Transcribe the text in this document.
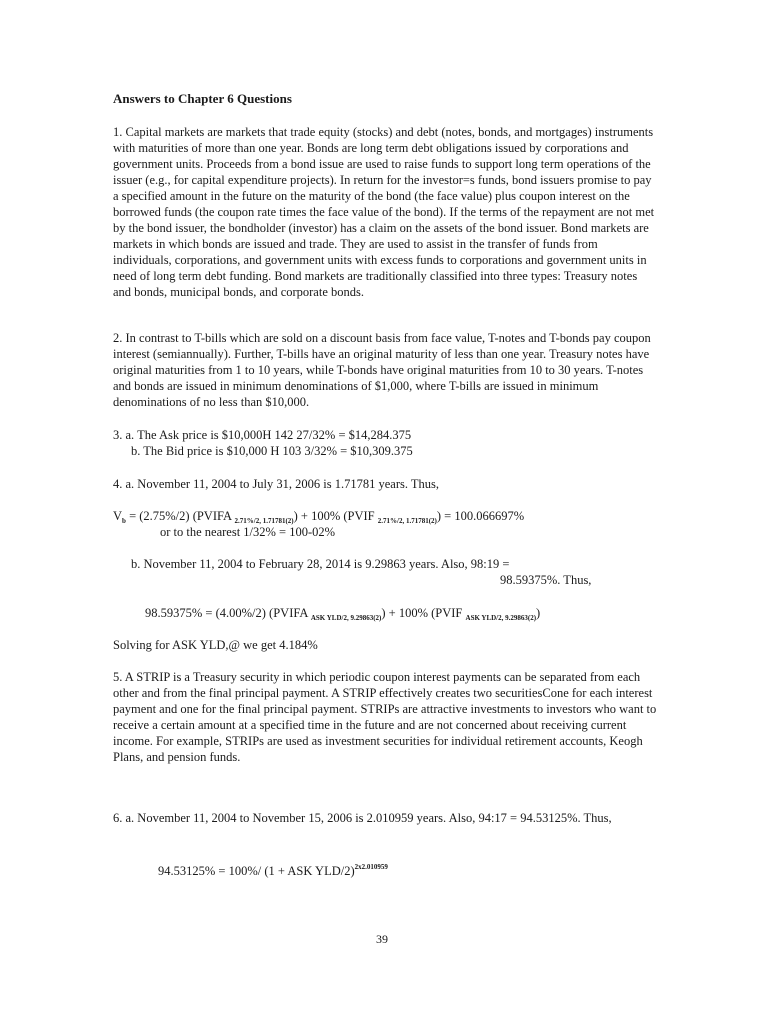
Answers to Chapter 6 Questions

1. Capital markets are markets that trade equity (stocks) and debt (notes, bonds, and mortgages) instruments with maturities of more than one year. Bonds are long term debt obligations issued by corporations and government units. Proceeds from a bond issue are used to raise funds to support long term operations of the issuer (e.g., for capital expenditure projects). In return for the investor=s funds, bond issuers promise to pay a specified amount in the future on the maturity of the bond (the face value) plus coupon interest on the borrowed funds (the coupon rate times the face value of the bond). If the terms of the repayment are not met by the bond issuer, the bondholder (investor) has a claim on the assets of the bond issuer. Bond markets are markets in which bonds are issued and trade. They are used to assist in the transfer of funds from individuals, corporations, and government units with excess funds to corporations and government units in need of long term debt funding. Bond markets are traditionally classified into three types: Treasury notes and bonds, municipal bonds, and corporate bonds.

2. In contrast to T-bills which are sold on a discount basis from face value, T-notes and T-bonds pay coupon interest (semiannually). Further, T-bills have an original maturity of less than one year. Treasury notes have original maturities from 1 to 10 years, while T-bonds have original maturities from 10 to 30 years. T-notes and bonds are issued in minimum denominations of $1,000, where T-bills are issued in minimum denominations of no less than $10,000.

3. a. The Ask price is $10,000H 142 27/32% = $14,284.375

b. The Bid price is $10,000 H 103 3/32% = $10,309.375

4. a. November 11, 2004 to July 31, 2006 is 1.71781 years. Thus,

$V_b = (2.75\%/2)$ (PVIFA $_{2.71\%/2, 1.71781(2)}$) + 100% (PVIF $_{2.71\%/2, 1.71781(2)}$) = 100.066697%

or to the nearest 1/32% = 100-02%

b. November 11, 2004 to February 28, 2014 is 9.29863 years. Also, 98:19 =

98.59375%. Thus,

98.59375% = (4.00%/2) (PVIFA $_{ASK YLD/2, 9.29863(2)}$) + 100% (PVIF $_{ASK YLD/2, 9.29863(2)}$)

Solving for ASK YLD,@ we get 4.184%

5. A STRIP is a Treasury security in which periodic coupon interest payments can be separated from each other and from the final principal payment. A STRIP effectively creates two securitiesCone for each interest payment and one for the final principal payment. STRIPs are attractive investments to investors who want to receive a certain amount at a specified time in the future and are not concerned about receiving current income. For example, STRIPs are used as investment securities for individual retirement accounts, Keogh Plans, and pension funds.

6. a. November 11, 2004 to November 15, 2006 is 2.010959 years. Also, 94:17 = 94.53125%. Thus,

94.53125% = 100%/ (1 + ASK YLD/2)$^{2x2.010959}$

39
